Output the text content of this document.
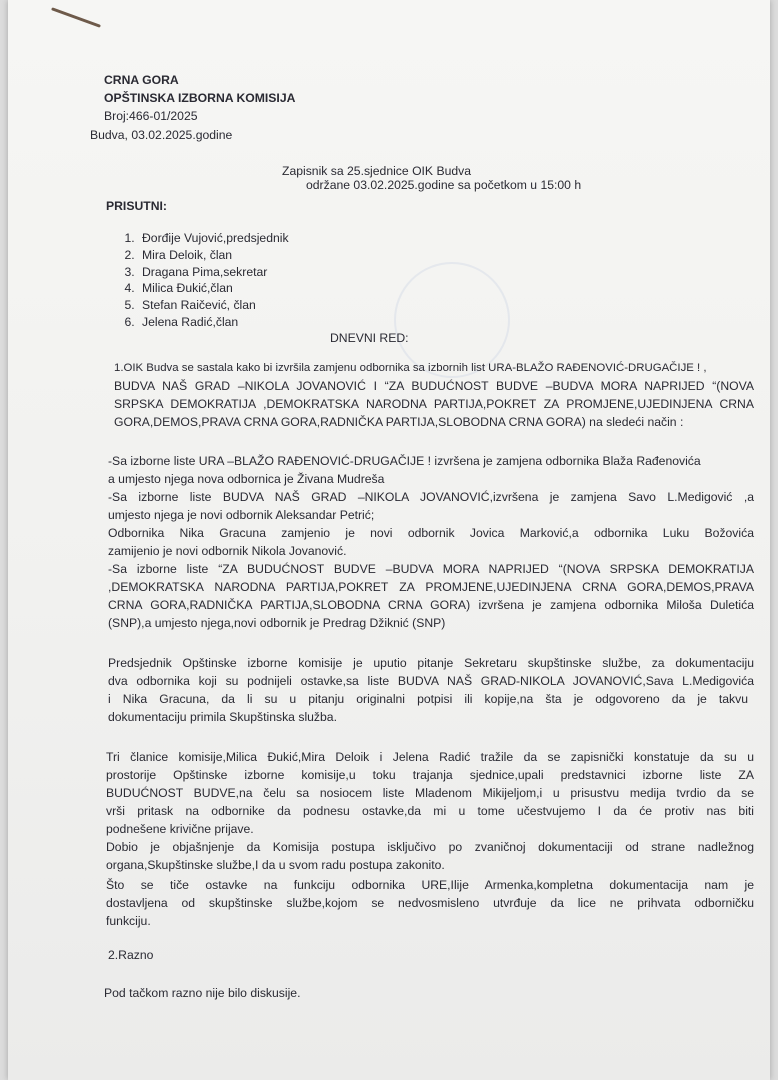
CRNA GORA
OPŠTINSKA IZBORNA KOMISIJA
Broj:466-01/2025
Budva, 03.02.2025.godine
Zapisnik sa 25.sjednice OIK Budva
održane 03.02.2025.godine sa početkom u 15:00 h
PRISUTNI:
1. Đorđije Vujović,predsjednik
2. Mira Deloik, član
3. Dragana Pima,sekretar
4. Milica Đukić,član
5. Stefan Raičević, član
6. Jelena Radić,član
DNEVNI RED:
1.OIK Budva se sastala kako bi izvršila zamjenu odbornika sa izbornih list URA-BLAŽO RAĐENOVIĆ-DRUGAČIJE ! ,
BUDVA NAŠ GRAD –NIKOLA JOVANOVIĆ I “ZA BUDUĆNOST BUDVE –BUDVA MORA NAPRIJED “(NOVA
SRPSKA DEMOKRATIJA ,DEMOKRATSKA NARODNA PARTIJA,POKRET ZA PROMJENE,UJEDINJENA CRNA
GORA,DEMOS,PRAVA CRNA GORA,RADNIČKA PARTIJA,SLOBODNA CRNA GORA) na sledeći način :
-Sa izborne liste URA –BLAŽO RAĐENOVIĆ-DRUGAČIJE ! izvršena je zamjena odbornika Blaža Rađenovića
a umjesto njega nova odbornica je Živana Mudreša
-Sa izborne liste BUDVA NAŠ GRAD –NIKOLA JOVANOVIĆ,izvršena je zamjena Savo L.Medigović ,a
umjesto njega je novi odbornik Aleksandar Petrić;
Odbornika Nika Gracuna zamjenio je novi odbornik Jovica Marković,a odbornika Luku Božovića
zamijenio je novi odbornik Nikola Jovanović.
-Sa izborne liste “ZA BUDUĆNOST BUDVE –BUDVA MORA NAPRIJED “(NOVA SRPSKA DEMOKRATIJA
,DEMOKRATSKA NARODNA PARTIJA,POKRET ZA PROMJENE,UJEDINJENA CRNA GORA,DEMOS,PRAVA
CRNA GORA,RADNIČKA PARTIJA,SLOBODNA CRNA GORA) izvršena je zamjena odbornika Miloša Duletića
(SNP),a umjesto njega,novi odbornik je Predrag Džiknić (SNP)
Predsjednik Opštinske izborne komisije je uputio pitanje Sekretaru skupštinske službe, za dokumentaciju
dva odbornika koji su podnijeli ostavke,sa liste BUDVA NAŠ GRAD-NIKOLA JOVANOVIĆ,Sava L.Medigovića
i Nika Gracuna, da li su u pitanju originalni potpisi ili kopije,na šta je odgovoreno da je takvu
dokumentaciju primila Skupštinska služba.
Tri članice komisije,Milica Đukić,Mira Deloik i Jelena Radić tražile da se zapisnički konstatuje da su u
prostorije Opštinske izborne komisije,u toku trajanja sjednice,upali predstavnici izborne liste ZA
BUDUĆNOST BUDVE,na čelu sa nosiocem liste Mladenom Mikijeljom,i u prisustvu medija tvrdio da se
vrši pritask na odbornike da podnesu ostavke,da mi u tome učestvujemo I da će protiv nas biti
podnešene krivične prijave.
Dobio je objašnjenje da Komisija postupa isključivo po zvaničnoj dokumentaciji od strane nadležnog
organa,Skupštinske službe,I da u svom radu postupa zakonito.
Što se tiče ostavke na funkciju odbornika URE,Ilije Armenka,kompletna dokumentacija nam je
dostavljena od skupštinske službe,kojom se nedvosmisleno utvrđuje da lice ne prihvata odborničku
funkciju.
2.Razno
Pod tačkom razno nije bilo diskusije.
